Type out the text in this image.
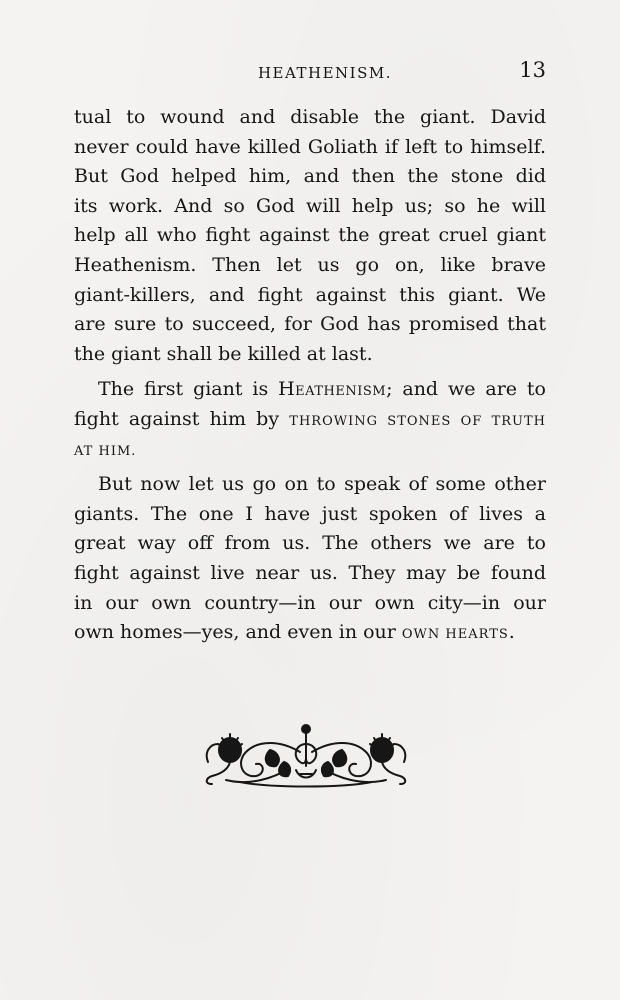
HEATHENISM.	13
tual to wound and disable the giant. David
never could have killed Goliath if left to himself.
But God helped him, and then the stone did
its work. And so God will help us; so he will
help all who fight against the great cruel giant
Heathenism. Then let us go on, like brave
giant-killers, and fight against this giant. We
are sure to succeed, for God has promised that
the giant shall be killed at last.
The first giant is Heathenism; and we are to
fight against him by THROWING STONES OF TRUTH
AT HIM.
But now let us go on to speak of some other
giants. The one I have just spoken of lives a
great way off from us. The others we are to
fight against live near us. They may be found
in our own country—in our own city—in our
own homes—yes, and even in our OWN HEARTS.
